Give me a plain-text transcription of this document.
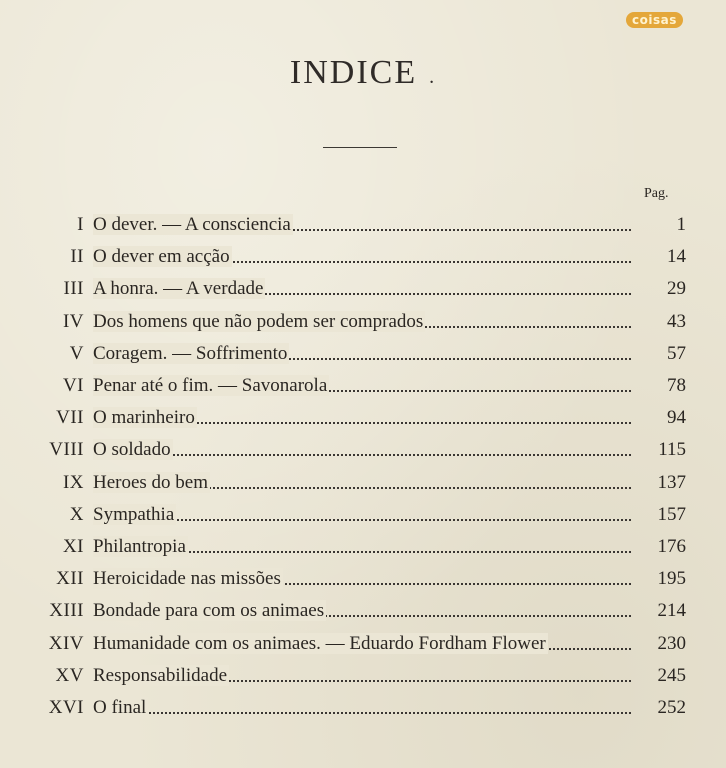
coisas
INDICE .
Pag.
I O dever. — A consciencia	1
II O dever em acção	14
III A honra. — A verdade	29
IV Dos homens que não podem ser comprados	43
V Coragem. — Soffrimento	57
VI Penar até o fim. — Savonarola	78
VII O marinheiro	94
VIII O soldado	115
IX Heroes do bem	137
X Sympathia	157
XI Philantropia	176
XII Heroicidade nas missões	195
XIII Bondade para com os animaes	214
XIV Humanidade com os animaes. — Eduardo Fordham Flower	230
XV Responsabilidade	245
XVI O final	252
